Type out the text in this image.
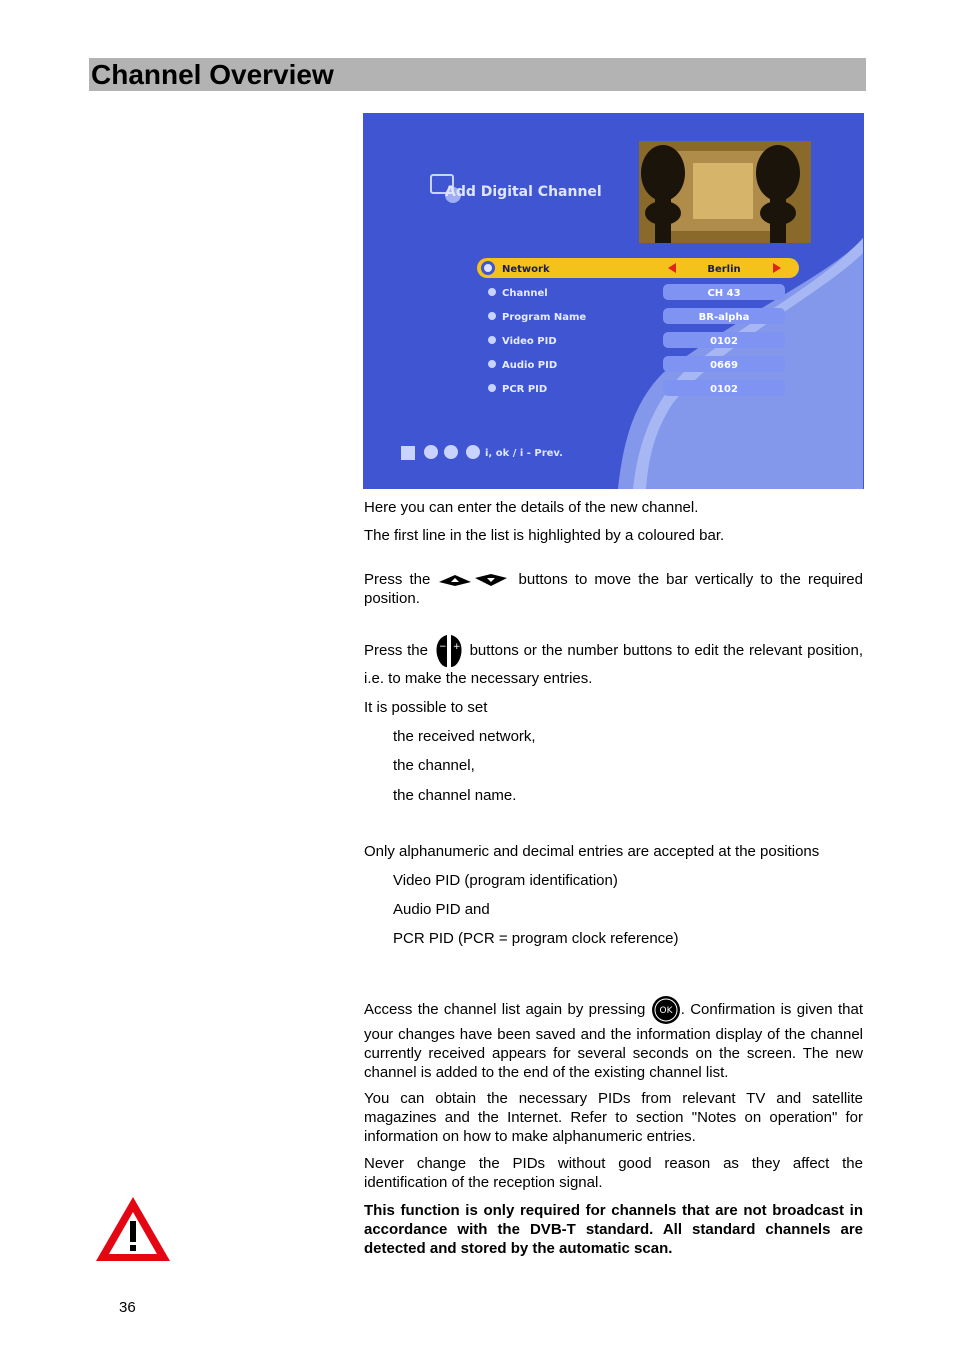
Channel Overview
Add Digital Channel
Network	Berlin
Channel	CH 43
Program Name	BR-alpha
Video PID	0102
Audio PID	0669
PCR PID	0102
i, ok / i - Prev.
Here you can enter the details of the new channel.
The first line in the list is highlighted by a coloured bar.
Press the	buttons to move the bar vertically to the required position.
Press the − + buttons or the number buttons to edit the relevant position, i.e. to make the necessary entries.
It is possible to set
the received network,
the channel,
the channel name.
Only alphanumeric and decimal entries are accepted at the positions
Video PID (program identification)
Audio PID and
PCR PID (PCR = program clock reference)
Access the channel list again by pressing OK . Confirmation is given that your changes have been saved and the information display of the channel currently received appears for several seconds on the screen. The new channel is added to the end of the existing channel list.
You can obtain the necessary PIDs from relevant TV and satellite magazines and the Internet. Refer to section "Notes on operation" for information on how to make alphanumeric entries.
Never change the PIDs without good reason as they affect the identification of the reception signal.
This function is only required for channels that are not broadcast in accordance with the DVB-T standard. All standard channels are detected and stored by the automatic scan.
36
